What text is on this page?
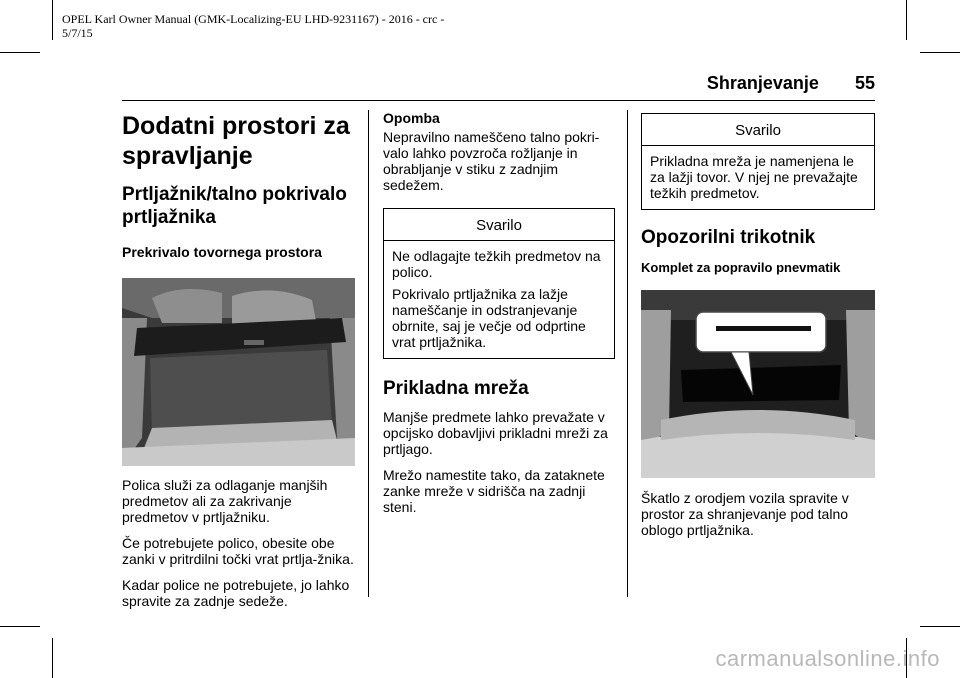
OPEL Karl Owner Manual (GMK-Localizing-EU LHD-9231167) - 2016 - crc -
5/7/15
Shranjevanje 55
Dodatni prostori za spravljanje
Prtljažnik/talno pokrivalo prtljažnika
Prekrivalo tovornega prostora

Polica služi za odlaganje manjših predmetov ali za zakrivanje predmetov v prtljažniku.

Če potrebujete polico, obesite obe zanki v pritrdilni točki vrat prtlja-žnika.

Kadar police ne potrebujete, jo lahko spravite za zadnje sedeže.

Opomba

Nepravilno nameščeno talno pokri-valo lahko povzroča rožljanje in obrabljanje v stiku z zadnjim sedežem.

Svarilo

Ne odlagajte težkih predmetov na polico.

Pokrivalo prtljažnika za lažje nameščanje in odstranjevanje obrnite, saj je večje od odprtine vrat prtljažnika.

Prikladna mreža

Manjše predmete lahko prevažate v opcijsko dobavljivi prikladni mreži za prtljago.

Mrežo namestite tako, da zataknete zanke mreže v sidrišča na zadnji steni.

Svarilo

Prikladna mreža je namenjena le za lažji tovor. V njej ne prevažajte težkih predmetov.

Opozorilni trikotnik
Komplet za popravilo pnevmatik

Škatlo z orodjem vozila spravite v prostor za shranjevanje pod talno oblogo prtljažnika.

carmanualsonline.info
